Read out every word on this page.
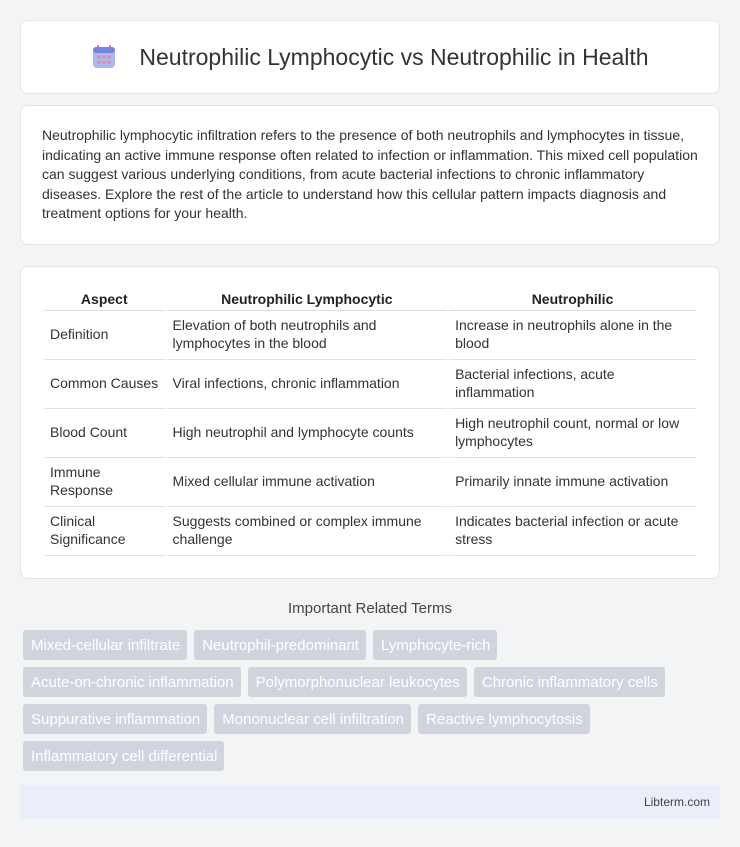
Neutrophilic Lymphocytic vs Neutrophilic in Health

Neutrophilic lymphocytic infiltration refers to the presence of both neutrophils and lymphocytes in tissue, indicating an active immune response often related to infection or inflammation. This mixed cell population can suggest various underlying conditions, from acute bacterial infections to chronic inflammatory diseases. Explore the rest of the article to understand how this cellular pattern impacts diagnosis and treatment options for your health.

Aspect	Neutrophilic Lymphocytic	Neutrophilic
Definition	Elevation of both neutrophils and lymphocytes in the blood	Increase in neutrophils alone in the blood
Common Causes	Viral infections, chronic inflammation	Bacterial infections, acute inflammation
Blood Count	High neutrophil and lymphocyte counts	High neutrophil count, normal or low lymphocytes
Immune Response	Mixed cellular immune activation	Primarily innate immune activation
Clinical Significance	Suggests combined or complex immune challenge	Indicates bacterial infection or acute stress
Important Related Terms
Mixed-cellular infiltrate	Neutrophil-predominant	Lymphocyte-rich
Acute-on-chronic inflammation	Polymorphonuclear leukocytes	Chronic inflammatory cells
Suppurative inflammation	Mononuclear cell infiltration	Reactive lymphocytosis
Inflammatory cell differential
Libterm.com
